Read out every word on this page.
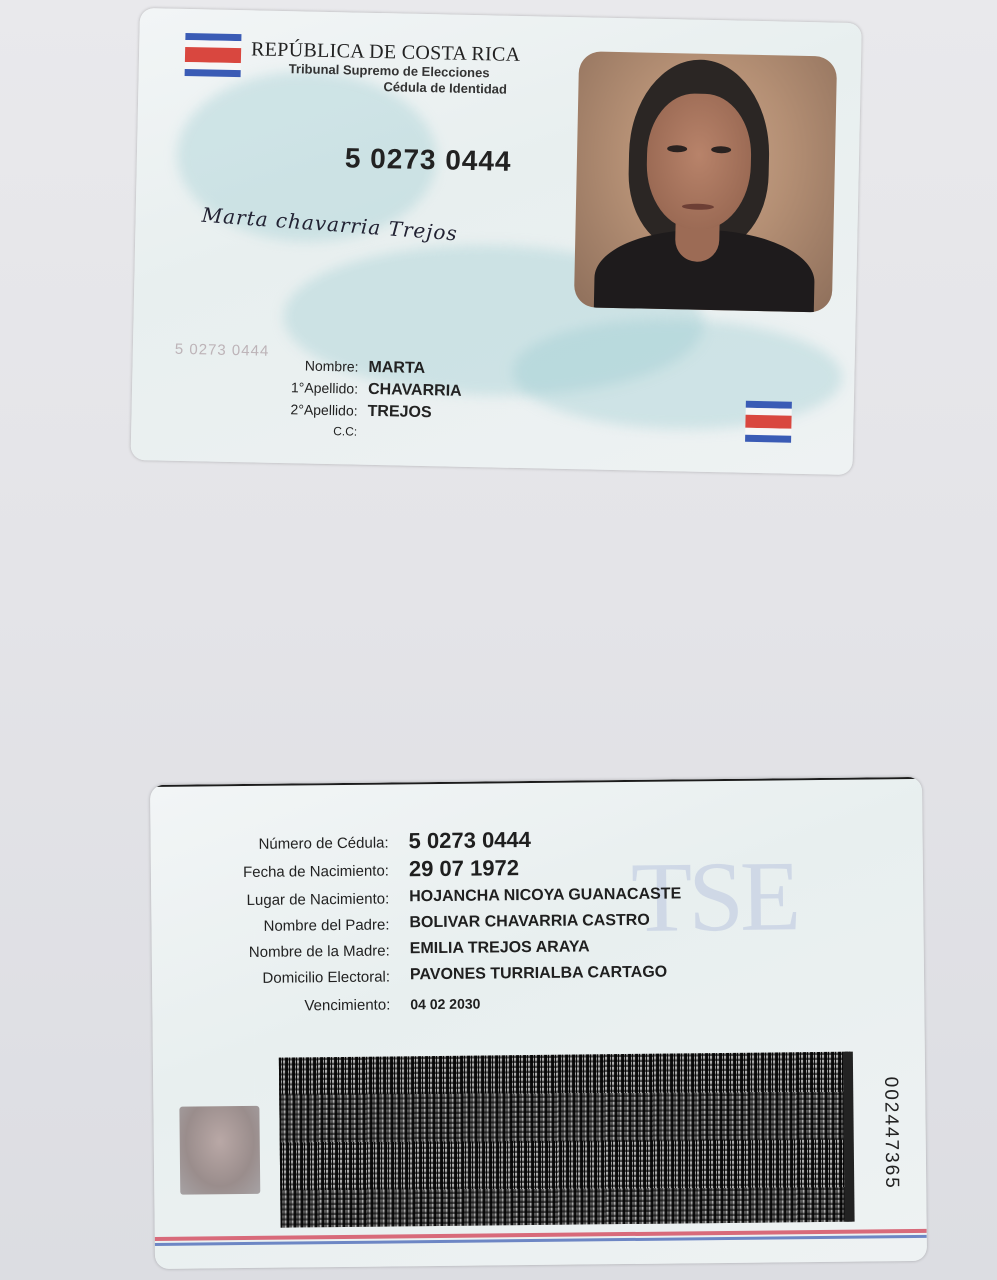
REPÚBLICA DE COSTA RICA
Tribunal Supremo de Elecciones
Cédula de Identidad
5 0273 0444
Marta chavarria Trejos
5 0273 0444
Nombre: MARTA
1°Apellido: CHAVARRIA
2°Apellido: TREJOS
C.C:
TSE
Número de Cédula: 5 0273 0444
Fecha de Nacimiento: 29 07 1972
Lugar de Nacimiento: HOJANCHA NICOYA GUANACASTE
Nombre del Padre: BOLIVAR CHAVARRIA CASTRO
Nombre de la Madre: EMILIA TREJOS ARAYA
Domicilio Electoral: PAVONES TURRIALBA CARTAGO
Vencimiento: 04 02 2030
002447365
